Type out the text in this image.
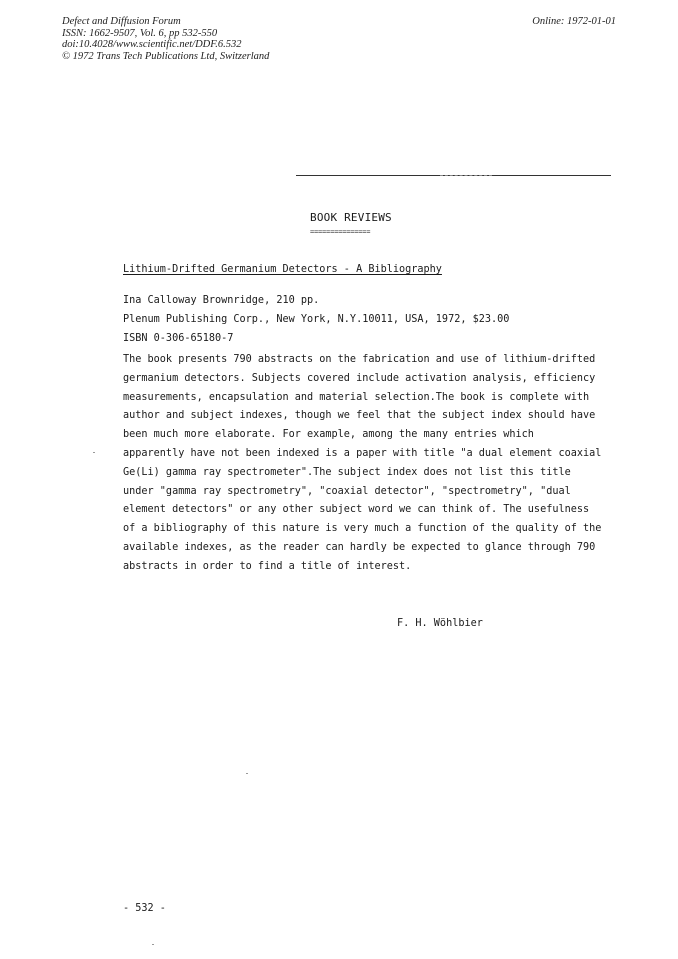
Defect and Diffusion Forum
ISSN: 1662-9507, Vol. 6, pp 532-550
doi:10.4028/www.scientific.net/DDF.6.532
© 1972 Trans Tech Publications Ltd, Switzerland
Online: 1972-01-01
BOOK REVIEWS
===============
Lithium-Drifted Germanium Detectors - A Bibliography
Ina Calloway Brownridge, 210 pp.
Plenum Publishing Corp., New York, N.Y.10011, USA, 1972, $23.00
ISBN 0-306-65180-7
The book presents 790 abstracts on the fabrication and use of lithium-drifted
germanium detectors. Subjects covered include activation analysis, efficiency
measurements, encapsulation and material selection.The book is complete with
author and subject indexes, though we feel that the subject index should have
been much more elaborate. For example, among the many entries which
apparently have not been indexed is a paper with title "a dual element coaxial
Ge(Li) gamma ray spectrometer".The subject index does not list this title
under "gamma ray spectrometry", "coaxial detector", "spectrometry", "dual
element detectors" or any other subject word we can think of. The usefulness
of a bibliography of this nature is very much a function of the quality of the
available indexes, as the reader can hardly be expected to glance through 790
abstracts in order to find a title of interest.
F. H. Wöhlbier
- 532 -
